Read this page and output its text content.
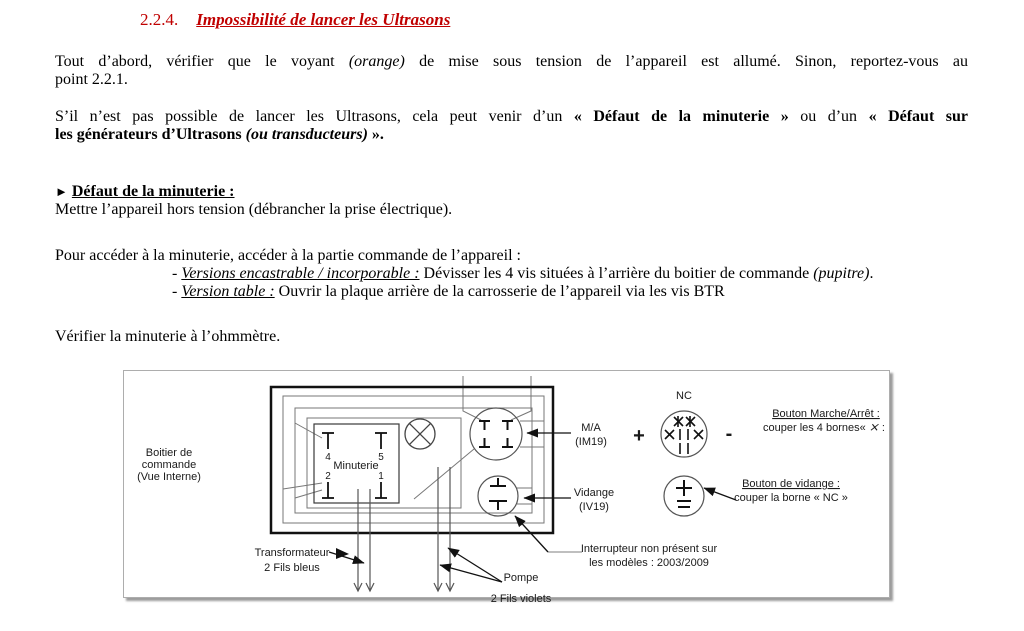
2.2.4. Impossibilité de lancer les Ultrasons
Tout d’abord, vérifier que le voyant (orange) de mise sous tension de l’appareil est allumé. Sinon, reportez-vous au
point 2.2.1.
S’il n’est pas possible de lancer les Ultrasons, cela peut venir d’un « Défaut de la minuterie » ou d’un « Défaut sur
les générateurs d’Ultrasons (ou transducteurs) ».
► Défaut de la minuterie :
Mettre l’appareil hors tension (débrancher la prise électrique).
Pour accéder à la minuterie, accéder à la partie commande de l’appareil :
- Versions encastrable / incorporable : Dévisser les 4 vis situées à l’arrière du boitier de commande (pupitre).
- Version table : Ouvrir la plaque arrière de la carrosserie de l’appareil via les vis BTR
Vérifier la minuterie à l’ohmmètre.
4	5
2	1
Minuterie
Boitier de
commande
(Vue Interne)
M/A
(IM19)
Vidange
(IV19)
NC
+	-
Bouton Marche/Arrêt :
couper les 4 bornes« ⨯ :
Bouton de vidange :
couper la borne « NC »
Interrupteur non présent sur
les modèles : 2003/2009
Transformateur
2 Fils bleus
Pompe
2 Fils violets
